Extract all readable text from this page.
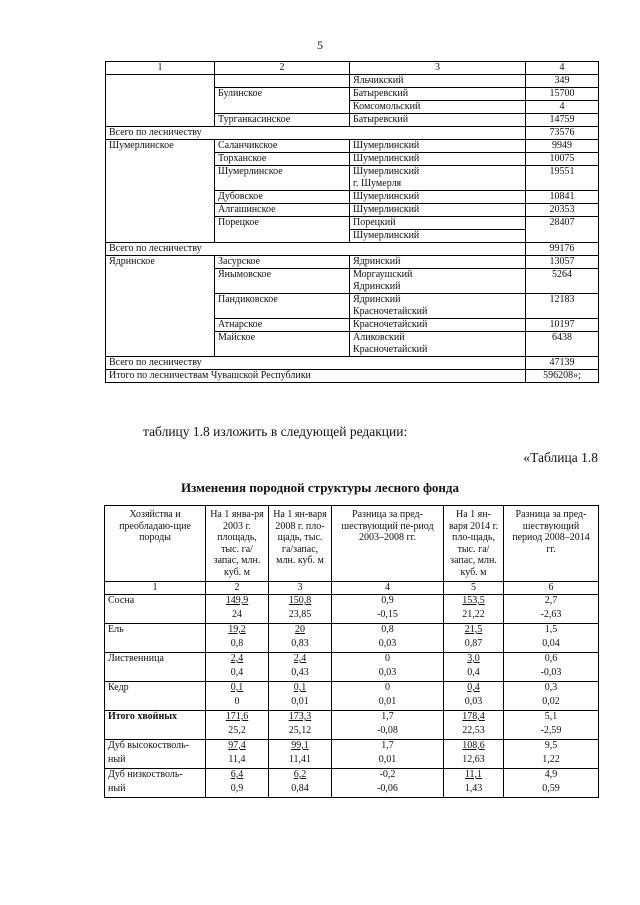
5
1	2	3	4
		Яльчикский	349
	Булинское	Батыревский	15700
		Комсомольский	4
	Турганкасинское	Батыревский	14759
Всего по лесничеству			73576
Шумерлинское	Саланчикское	Шумерлинский	9949
	Торханское	Шумерлинский	10075
	Шумерлинское	Шумерлинский	19551
		г. Шумерля	
	Дубовское	Шумерлинский	10841
	Алгашинское	Шумерлинский	20353
	Порецкое	Порецкий	28407
		Шумерлинский	
Всего по лесничеству			99176
Ядринское	Засурское	Ядринский	13057
	Янымовское	Моргаушский	5264
		Ядринский	
	Пандиковское	Ядринский	12183
		Красночетайский	
	Атнарское	Красночетайский	10197
	Майское	Аликовский	6438
		Красночетайский	
Всего по лесничеству			47139
Итого по лесничествам Чувашской Республики			596208»;
таблицу 1.8 изложить в следующей редакции:
«Таблица 1.8
Изменения породной структуры лесного фонда
Хозяйства и преобладаю-щие породы	На 1 янва-ря 2003 г. площадь, тыс. га/запас, млн. куб. м	На 1 ян-варя 2008 г. пло-щадь, тыс. га/запас, млн. куб. м	Разница за пред-шествующий пе-риод 2003–2008 гг.	На 1 ян-варя 2014 г. пло-щадь, тыс. га/запас, млн. куб. м	Разница за пред-шествующий период 2008–2014 гг.
1	2	3	4	5	6
Сосна	149,9	150,8	0,9	153,5	2,7
	24	23,85	-0,15	21,22	-2,63
Ель	19,2	20	0,8	21,5	1,5
	0,8	0,83	0,03	0,87	0,04
Лиственница	2,4	2,4	0	3,0	0,6
	0,4	0,43	0,03	0,4	-0,03
Кедр	0,1	0,1	0	0,4	0,3
	0	0,01	0,01	0,03	0,02
Итого хвойных	171,6	173,3	1,7	178,4	5,1
	25,2	25,12	-0,08	22,53	-2,59
Дуб высокостволь-	97,4	99,1	1,7	108,6	9,5
ный	11,4	11,41	0,01	12,63	1,22
Дуб низкостволь-	6,4	6,2	-0,2	11,1	4,9
ный	0,9	0,84	-0,06	1,43	0,59
